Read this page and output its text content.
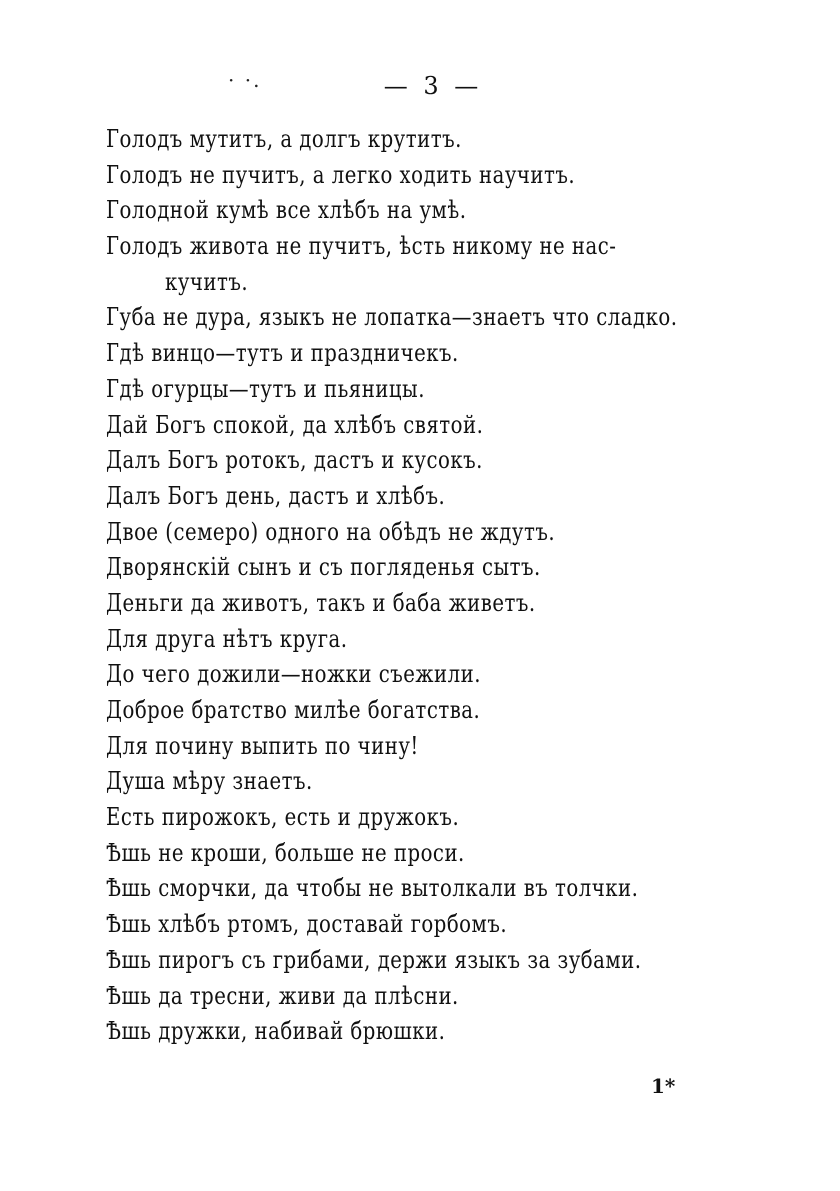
· ·.	— 3 —
Голодъ мутитъ, а долгъ крутитъ.
Голодъ не пучитъ, а легко ходить научитъ.
Голодной кумѣ все хлѣбъ на умѣ.
Голодъ живота не пучитъ, ѣсть никому не нас-
кучитъ.
Губа не дура, языкъ не лопатка—знаетъ что сладко.
Гдѣ винцо—тутъ и праздничекъ.
Гдѣ огурцы—тутъ и пьяницы.
Дай Богъ спокой, да хлѣбъ святой.
Далъ Богъ ротокъ, дастъ и кусокъ.
Далъ Богъ день, дастъ и хлѣбъ.
Двое (семеро) одного на обѣдъ не ждутъ.
Дворянскій сынъ и съ погляденья сытъ.
Деньги да животъ, такъ и баба живетъ.
Для друга нѣтъ круга.
До чего дожили—ножки съежили.
Доброе братство милѣе богатства.
Для почину выпить по чину!
Душа мѣру знаетъ.
Есть пирожокъ, есть и дружокъ.
Ѣшь не кроши, больше не проси.
Ѣшь сморчки, да чтобы не вытолкали въ толчки.
Ѣшь хлѣбъ ртомъ, доставай горбомъ.
Ѣшь пирогъ съ грибами, держи языкъ за зубами.
Ѣшь да тресни, живи да плѣсни.
Ѣшь дружки, набивай брюшки.
1*
